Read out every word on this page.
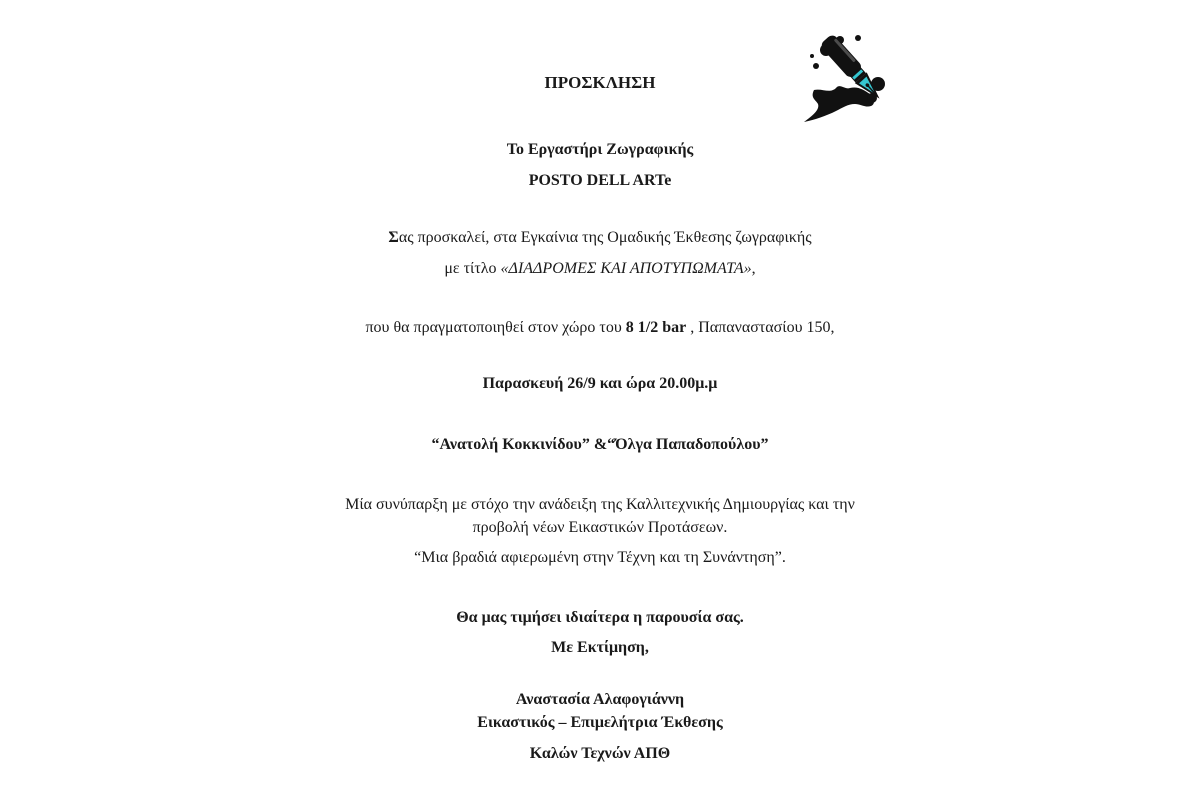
ΠΡΟΣΚΛΗΣΗ
Το Εργαστήρι Ζωγραφικής
POSTO DELL ARTe
Σας προσκαλεί, στα Εγκαίνια της Ομαδικής Έκθεσης ζωγραφικής
με τίτλο «ΔΙΑΔΡΟΜΕΣ ΚΑΙ ΑΠΟΤΥΠΩΜΑΤΑ»,
που θα πραγματοποιηθεί στον χώρο του 8 1/2 bar , Παπαναστασίου 150,
Παρασκευή 26/9 και ώρα 20.00μ.μ
“Ανατολή Κοκκινίδου” &“Όλγα Παπαδοπούλου”
Μία συνύπαρξη με στόχο την ανάδειξη της Καλλιτεχνικής Δημιουργίας και την
προβολή νέων Εικαστικών Προτάσεων.
“Μια βραδιά αφιερωμένη στην Τέχνη και τη Συνάντηση”.
Θα μας τιμήσει ιδιαίτερα η παρουσία σας.
Με Εκτίμηση,
Αναστασία Αλαφογιάννη
Εικαστικός – Επιμελήτρια Έκθεσης
Καλών Τεχνών ΑΠΘ
